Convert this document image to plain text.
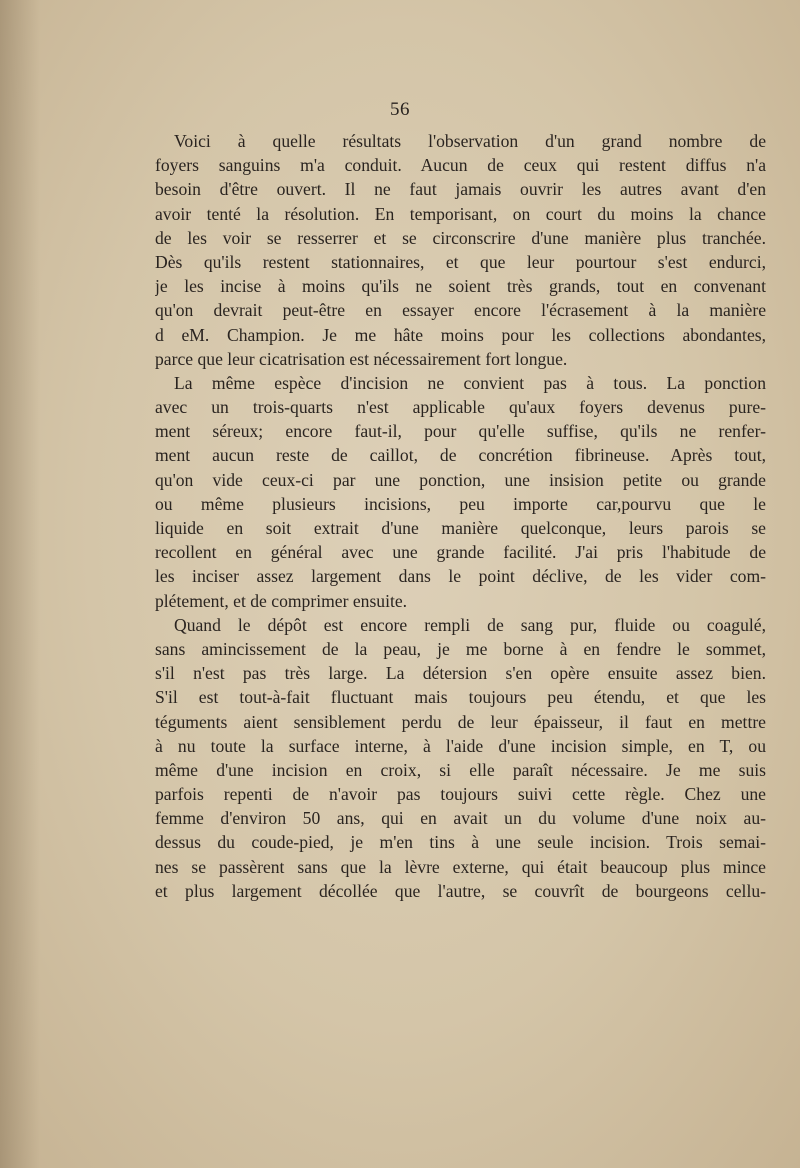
56
Voici à quelle résultats l'observation d'un grand nombre de
foyers sanguins m'a conduit. Aucun de ceux qui restent diffus n'a
besoin d'être ouvert. Il ne faut jamais ouvrir les autres avant d'en
avoir tenté la résolution. En temporisant, on court du moins la chance
de les voir se resserrer et se circonscrire d'une manière plus tranchée.
Dès qu'ils restent stationnaires, et que leur pourtour s'est endurci,
je les incise à moins qu'ils ne soient très grands, tout en convenant
qu'on devrait peut-être en essayer encore l'écrasement à la manière
d eM. Champion. Je me hâte moins pour les collections abondantes,
parce que leur cicatrisation est nécessairement fort longue.
La même espèce d'incision ne convient pas à tous. La ponction
avec un trois-quarts n'est applicable qu'aux foyers devenus pure-
ment séreux; encore faut-il, pour qu'elle suffise, qu'ils ne renfer-
ment aucun reste de caillot, de concrétion fibrineuse. Après tout,
qu'on vide ceux-ci par une ponction, une insision petite ou grande
ou même plusieurs incisions, peu importe car,pourvu que le
liquide en soit extrait d'une manière quelconque, leurs parois se
recollent en général avec une grande facilité. J'ai pris l'habitude de
les inciser assez largement dans le point déclive, de les vider com-
plétement, et de comprimer ensuite.
Quand le dépôt est encore rempli de sang pur, fluide ou coagulé,
sans amincissement de la peau, je me borne à en fendre le sommet,
s'il n'est pas très large. La détersion s'en opère ensuite assez bien.
S'il est tout-à-fait fluctuant mais toujours peu étendu, et que les
téguments aient sensiblement perdu de leur épaisseur, il faut en mettre
à nu toute la surface interne, à l'aide d'une incision simple, en T, ou
même d'une incision en croix, si elle paraît nécessaire. Je me suis
parfois repenti de n'avoir pas toujours suivi cette règle. Chez une
femme d'environ 50 ans, qui en avait un du volume d'une noix au-
dessus du coude-pied, je m'en tins à une seule incision. Trois semai-
nes se passèrent sans que la lèvre externe, qui était beaucoup plus mince
et plus largement décollée que l'autre, se couvrît de bourgeons cellu-
